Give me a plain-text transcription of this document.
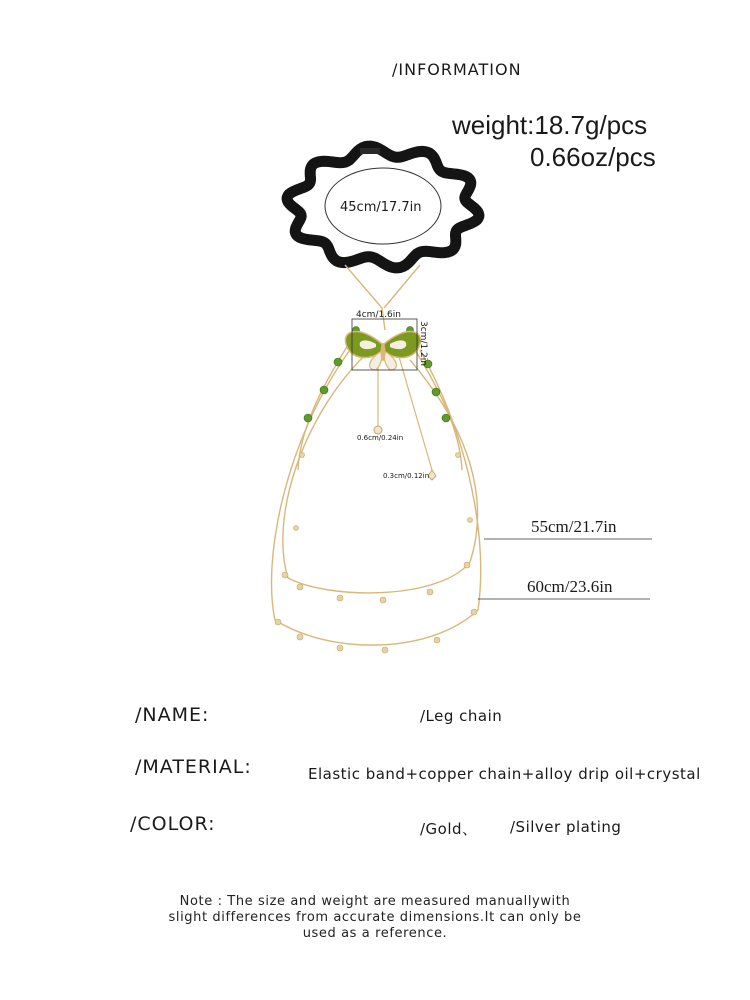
/INFORMATION
weight:18.7g/pcs
0.66oz/pcs
45cm/17.7in
4cm/1.6in
3cm/1.2in
0.6cm/0.24in
0.3cm/0.12in
55cm/21.7in
60cm/23.6in
/NAME:	/Leg chain
/MATERIAL:	Elastic band+copper chain+alloy drip oil+crystal
/COLOR:	/Gold、 /Silver plating
Note : The size and weight are measured manuallywith
slight differences from accurate dimensions.It can only be
used as a reference.
